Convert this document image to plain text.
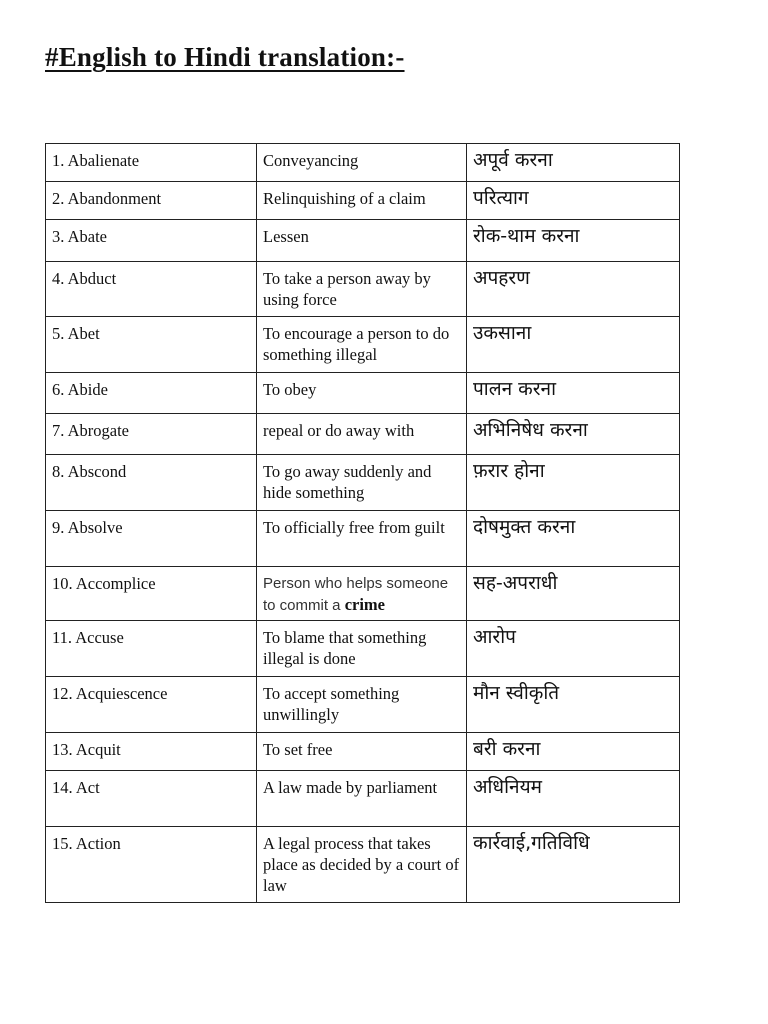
#English to Hindi translation:-
1. Abalienate	Conveyancing	अपूर्व करना
2. Abandonment	Relinquishing of a claim	परित्याग
3. Abate	Lessen	रोक-थाम करना
4. Abduct	To take a person away by using force	अपहरण
5. Abet	To encourage a person to do something illegal	उकसाना
6. Abide	To obey	पालन करना
7. Abrogate	repeal or do away with	अभिनिषेध करना
8. Abscond	To go away suddenly and hide something	फ़रार होना
9. Absolve	To officially free from guilt	दोषमुक्त करना
10. Accomplice	Person who helps someone to commit a crime	सह-अपराधी
11. Accuse	To blame that something illegal is done	आरोप
12. Acquiescence	To accept something unwillingly	मौन स्वीकृति
13. Acquit	To set free	बरी करना
14. Act	A law made by parliament	अधिनियम
15. Action	A legal process that takes place as decided by a court of law	कार्रवाई,गतिविधि
